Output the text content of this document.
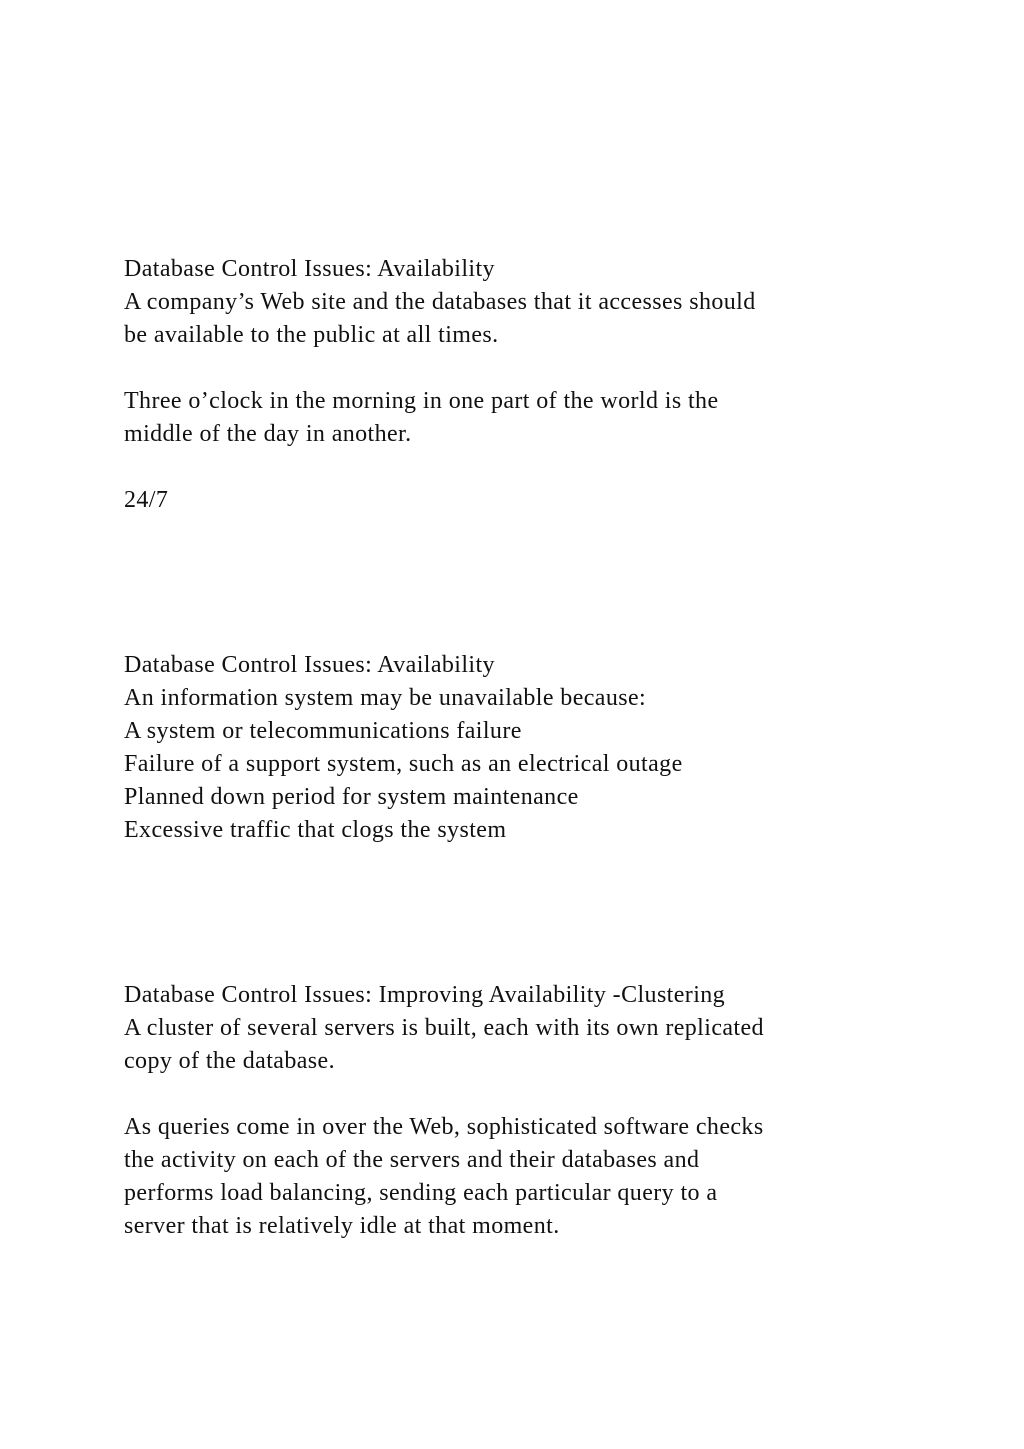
Database Control Issues: Availability
A company’s Web site and the databases that it accesses should
be available to the public at all times.
Three o’clock in the morning in one part of the world is the
middle of the day in another.
24/7
Database Control Issues: Availability
An information system may be unavailable because:
A system or telecommunications failure
Failure of a support system, such as an electrical outage
Planned down period for system maintenance
Excessive traffic that clogs the system
Database Control Issues: Improving Availability -Clustering
A cluster of several servers is built, each with its own replicated
copy of the database.
As queries come in over the Web, sophisticated software checks
the activity on each of the servers and their databases and
performs load balancing, sending each particular query to a
server that is relatively idle at that moment.
